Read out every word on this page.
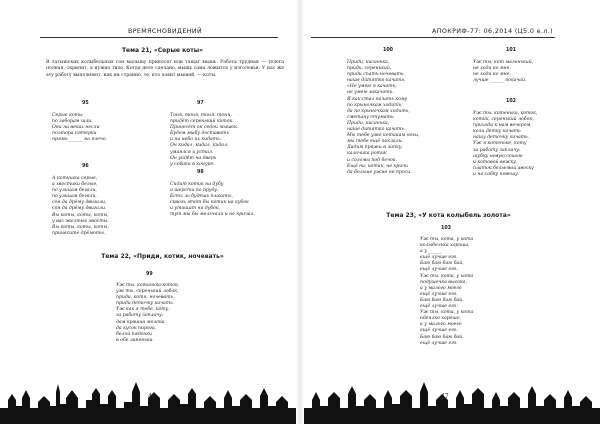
ВРЕМЯСНОВИДЕНИЙ
Тема 21, «Серые коты»
В латышских колыбельных сон малышу приносят или тащат мышь. Работа трудная — телега полная, скрипит, а нужно тихо. Когда дело сделано, мышь сама ложится у изголовья. У нас же эту работу выполняют, как ни странно, те, кто ловит мышей, — коты.
95
Серые коты
по заборам шли.
Они на веках несли
полтора пятерки
прямо ______ на плечо.
96
А котишка серые,
а хвостики белые,
по улицам бегали,
по улицам бегали,
сон да дрёму двигали,
сон да дрёму двигали.
Вы коты, коты, коты,
у вас желтые хвосты.
Вы коты, коты, коты,
принесите дрёмоты.
97
Тоня, тоня, тоня, тоня,
придёт серенький коток.
Принесёт он седой мышок.
Будем мыбу доставать
и на небо их кидать.
Он кидал, кидал, кидал,
умаялся и устал.
Он уйдёт на дверь
у собаки в конуре.
98
Сидит котик на дубу
и шерсти по пруду.
Есть ль будешь плакать,
сквозь этот бы котик на кубок
и утащит на дубок,
тут мы бы мельчали и не кричал.
Тема 22, «Приди, котик, ночевать»
99
Уж ты, котинька-коток,
уж ты, серенький лобок,
приди, котя, ночевать,
приди деточку качать.
Уж как я тебе, коту,
за работу заплачу:
дам кувшин молока
да кусок пирога,
белой пяденки
в обе лапеньки.
46
АПОКРИФ-77: 06.2014 (Ц5.0 е.л.)
100
Приди, кисанька,
приди, серенький,
приди спать-ночевать,
наше дитятко качать.
«Не умею я качать,
не умею закачать.
Я как стал качать кому
по крыночкам ходить,
да по крыночкам ходить,
сметану стумать.
Приди, кисанька,
наше дитятко качать.
Мы тебе уже котикам нохи,
мы тебе ещё поклали.
Дадим пряжи в лапку,
калачика ротик
и соломы под бочок.
Ещё на, котик, не кричи
да больше ужне не проси.
101
Уж ты, кот маленький,
не ходи ко мне,
не ходи ко мне,
лучше ______ покачай.
102
Уж ты, котенька, коток,
котик, серенький лобок,
приходи к нам вечером,
коли детку качать
нашу деточку качать.
Уж я котеньке, коту
за работу заплачу:
шубку новую сошью
и котовой вежку,
платок бельемой авоску
и на сабку повешу.
Тема 23, «У кота колыбель золота»
103
Уж ты, кота, у кота
колыбелька хороша,
а у ______
ещё лучше его.
Баю баю баю бай,
ещё лучше его.
Уж ты, кота, у кота
подушечка высока,
а у малого моего
ещё лучше его.
Баю баю баю бай,
ещё лучше его.
Уж ты, кота, у кота
одеялко хорошо,
а у малого моего
ещё лучше его.
Баю баю баю бай,
ещё лучше его.
47
